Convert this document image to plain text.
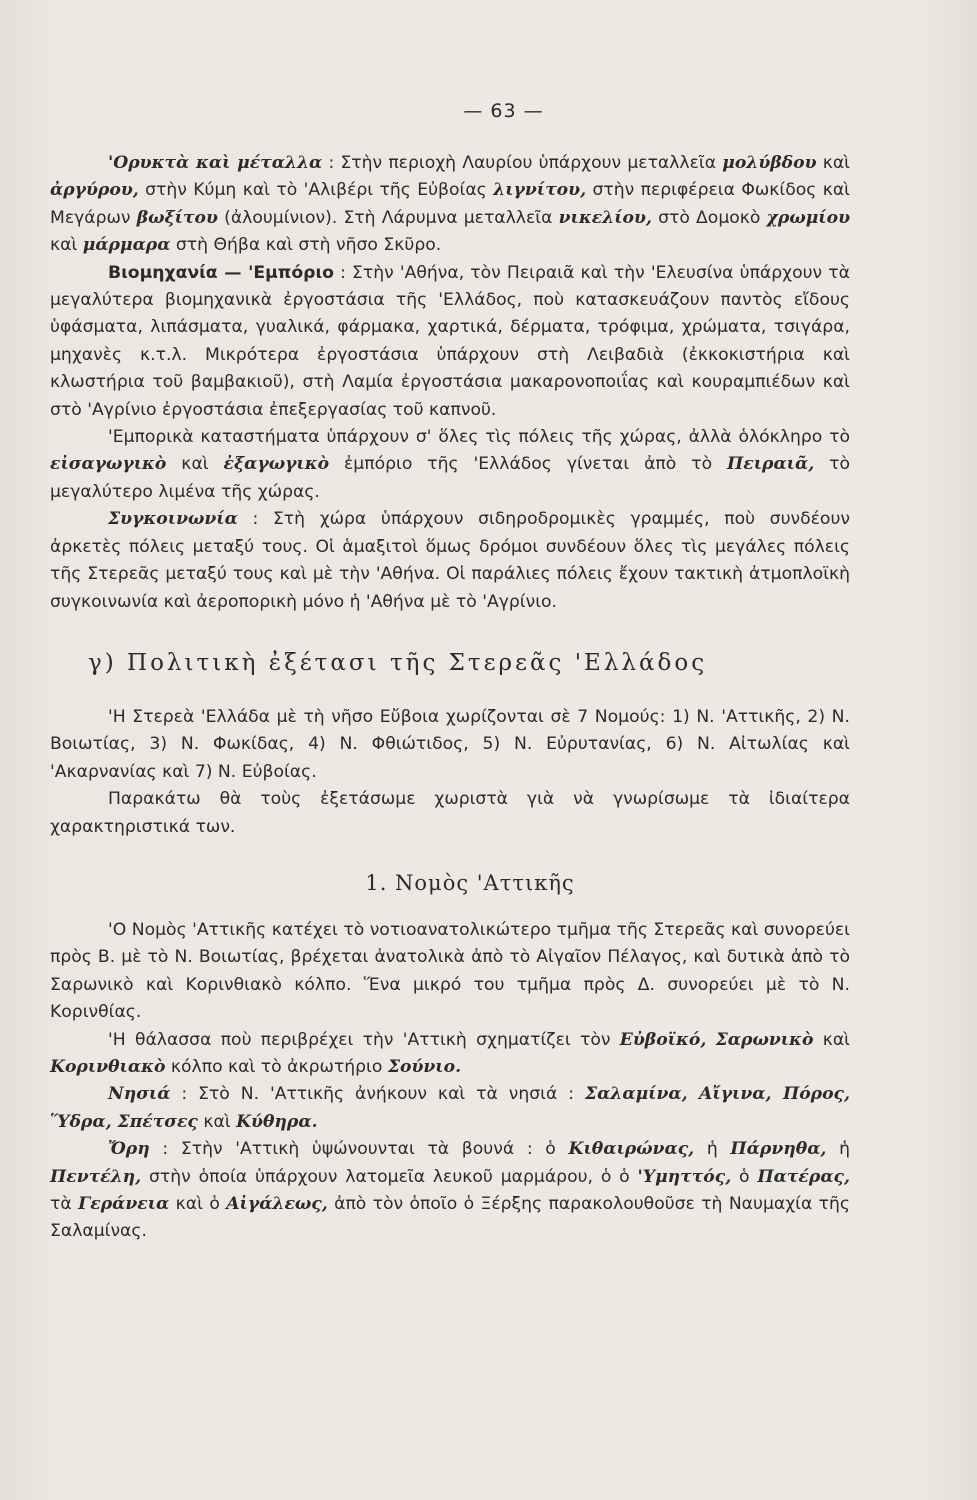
— 63 —

'Ορυκτὰ καὶ μέταλλα : Στὴν περιοχὴ Λαυρίου ὑπάρχουν μεταλλεῖα μολύβδου καὶ ἀργύρου, στὴν Κύμη καὶ τὸ 'Αλιβέρι τῆς Εὐβοίας λιγνίτου, στὴν περιφέρεια Φωκίδος καὶ Μεγάρων βωξίτου (ἀλουμίνιον). Στὴ Λάρυμνα μεταλλεῖα νικελίου, στὸ Δομοκὸ χρωμίου καὶ μάρμαρα στὴ Θήβα καὶ στὴ νῆσο Σκῦρο.

Βιομηχανία — 'Εμπόριο : Στὴν 'Αθήνα, τὸν Πειραιᾶ καὶ τὴν 'Ελευσίνα ὑπάρχουν τὰ μεγαλύτερα βιομηχανικὰ ἐργοστάσια τῆς 'Ελλάδος, ποὺ κατασκευάζουν παντὸς εἴδους ὑφάσματα, λιπάσματα, γυαλικά, φάρμακα, χαρτικά, δέρματα, τρόφιμα, χρώματα, τσιγάρα, μηχανὲς κ.τ.λ. Μικρότερα ἐργοστάσια ὑπάρχουν στὴ Λειβαδιὰ (ἐκκοκιστήρια καὶ κλωστήρια τοῦ βαμβακιοῦ), στὴ Λαμία ἐργοστάσια μακαρονοποιΐας καὶ κουραμπιέδων καὶ στὸ 'Αγρίνιο ἐργοστάσια ἐπεξεργασίας τοῦ καπνοῦ.

'Εμπορικὰ καταστήματα ὑπάρχουν σ' ὅλες τὶς πόλεις τῆς χώρας, ἀλλὰ ὁλόκληρο τὸ εἰσαγωγικὸ καὶ ἐξαγωγικὸ ἐμπόριο τῆς 'Ελλάδος γίνεται ἀπὸ τὸ Πειραιᾶ, τὸ μεγαλύτερο λιμένα τῆς χώρας.

Συγκοινωνία : Στὴ χώρα ὑπάρχουν σιδηροδρομικὲς γραμμές, ποὺ συνδέουν ἀρκετὲς πόλεις μεταξύ τους. Οἱ ἁμαξιτοὶ ὅμως δρόμοι συνδέουν ὅλες τὶς μεγάλες πόλεις τῆς Στερεᾶς μεταξύ τους καὶ μὲ τὴν 'Αθήνα. Οἱ παράλιες πόλεις ἔχουν τακτικὴ ἀτμοπλοϊκὴ συγκοινωνία καὶ ἀεροπορικὴ μόνο ἡ 'Αθήνα μὲ τὸ 'Αγρίνιο.

γ) Πολιτικὴ ἐξέτασι τῆς Στερεᾶς 'Ελλάδος

'Η Στερεὰ 'Ελλάδα μὲ τὴ νῆσο Εὔβοια χωρίζονται σὲ 7 Νομούς: 1) Ν. 'Αττικῆς, 2) Ν. Βοιωτίας, 3) Ν. Φωκίδας, 4) Ν. Φθιώτιδος, 5) Ν. Εὐρυτανίας, 6) Ν. Αἰτωλίας καὶ 'Ακαρνανίας καὶ 7) Ν. Εὐβοίας.

Παρακάτω θὰ τοὺς ἐξετάσωμε χωριστὰ γιὰ νὰ γνωρίσωμε τὰ ἰδιαίτερα χαρακτηριστικά των.

1. Νομὸς 'Αττικῆς

'Ο Νομὸς 'Αττικῆς κατέχει τὸ νοτιοανατολικώτερο τμῆμα τῆς Στερεᾶς καὶ συνορεύει πρὸς Β. μὲ τὸ Ν. Βοιωτίας, βρέχεται ἀνατολικὰ ἀπὸ τὸ Αἰγαῖον Πέλαγος, καὶ δυτικὰ ἀπὸ τὸ Σαρωνικὸ καὶ Κορινθιακὸ κόλπο. Ἕνα μικρό του τμῆμα πρὸς Δ. συνορεύει μὲ τὸ Ν. Κορινθίας.

'Η θάλασσα ποὺ περιβρέχει τὴν 'Αττικὴ σχηματίζει τὸν Εὐβοϊκό, Σαρωνικὸ καὶ Κορινθιακὸ κόλπο καὶ τὸ ἀκρωτήριο Σούνιο.

Νησιά : Στὸ Ν. 'Αττικῆς ἀνήκουν καὶ τὰ νησιά : Σαλαμίνα, Αἴγινα, Πόρος, Ὕδρα, Σπέτσες καὶ Κύθηρα.

Ὄρη : Στὴν 'Αττικὴ ὑψώνουνται τὰ βουνά : ὁ Κιθαιρώνας, ἡ Πάρνηθα, ἡ Πεντέλη, στὴν ὁποία ὑπάρχουν λατομεῖα λευκοῦ μαρμάρου, ὁ ὁ 'Υμηττός, ὁ Πατέρας, τὰ Γεράνεια καὶ ὁ Αἰγάλεως, ἀπὸ τὸν ὁποῖο ὁ Ξέρξης παρακολουθοῦσε τὴ Ναυμαχία τῆς Σαλαμίνας.
